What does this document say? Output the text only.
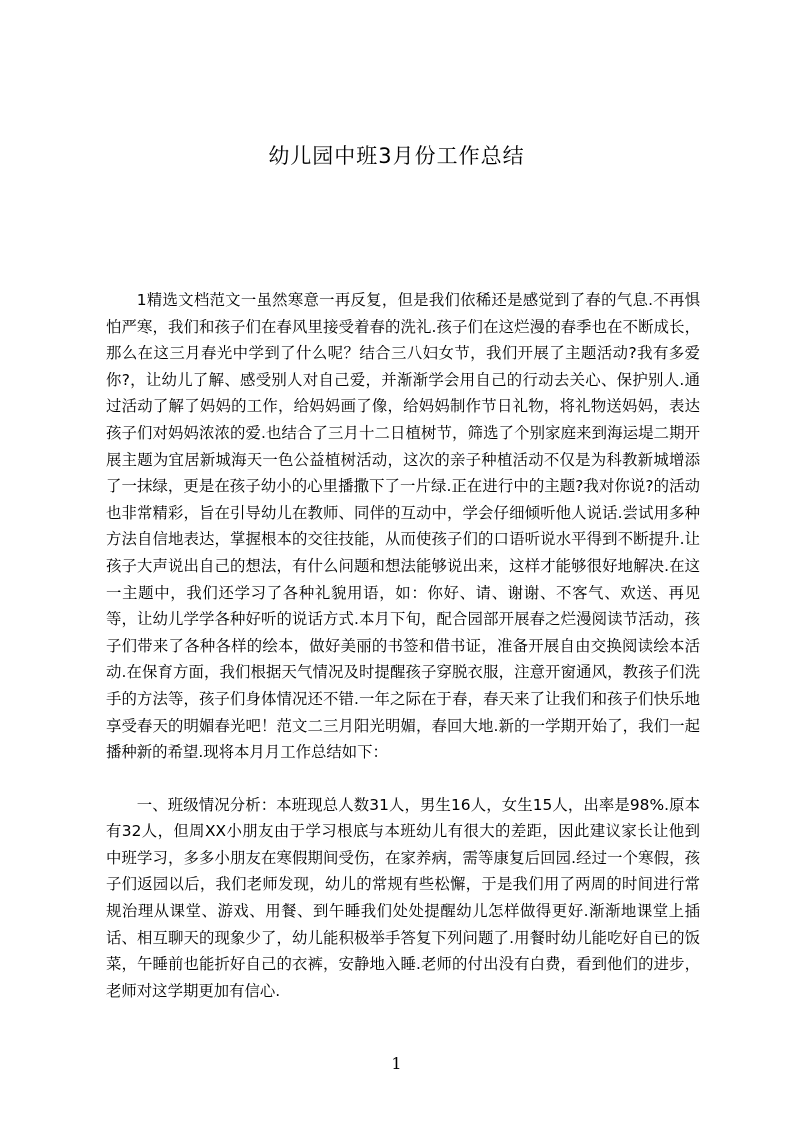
幼儿园中班3月份工作总结

1精选文档范文一虽然寒意一再反复，但是我们依稀还是感觉到了春的气息.不再惧怕严寒，我们和孩子们在春风里接受着春的洗礼.孩子们在这烂漫的春季也在不断成长，那么在这三月春光中学到了什么呢？结合三八妇女节，我们开展了主题活动?我有多爱你?，让幼儿了解、感受别人对自己爱，并渐渐学会用自己的行动去关心、保护别人.通过活动了解了妈妈的工作，给妈妈画了像，给妈妈制作节日礼物，将礼物送妈妈，表达孩子们对妈妈浓浓的爱.也结合了三月十二日植树节，筛选了个别家庭来到海运堤二期开展主题为宜居新城海天一色公益植树活动，这次的亲子种植活动不仅是为科教新城增添了一抹绿，更是在孩子幼小的心里播撒下了一片绿.正在进行中的主题?我对你说?的活动也非常精彩，旨在引导幼儿在教师、同伴的互动中，学会仔细倾听他人说话.尝试用多种方法自信地表达，掌握根本的交往技能，从而使孩子们的口语听说水平得到不断提升.让孩子大声说出自己的想法，有什么问题和想法能够说出来，这样才能够很好地解决.在这一主题中，我们还学习了各种礼貌用语，如：你好、请、谢谢、不客气、欢送、再见等，让幼儿学学各种好听的说话方式.本月下旬，配合园部开展春之烂漫阅读节活动，孩子们带来了各种各样的绘本，做好美丽的书签和借书证，准备开展自由交换阅读绘本活动.在保育方面，我们根据天气情况及时提醒孩子穿脱衣服，注意开窗通风，教孩子们洗手的方法等，孩子们身体情况还不错.一年之际在于春，春天来了让我们和孩子们快乐地享受春天的明媚春光吧！范文二三月阳光明媚，春回大地.新的一学期开始了，我们一起播种新的希望.现将本月月工作总结如下：

一、班级情况分析：本班现总人数31人，男生16人，女生15人，出率是98%.原本有32人，但周XX小朋友由于学习根底与本班幼儿有很大的差距，因此建议家长让他到中班学习，多多小朋友在寒假期间受伤，在家养病，需等康复后回园.经过一个寒假，孩子们返园以后，我们老师发现，幼儿的常规有些松懈，于是我们用了两周的时间进行常规治理从课堂、游戏、用餐、到午睡我们处处提醒幼儿怎样做得更好.渐渐地课堂上插话、相互聊天的现象少了，幼儿能积极举手答复下列问题了.用餐时幼儿能吃好自已的饭菜，午睡前也能折好自己的衣裤，安静地入睡.老师的付出没有白费，看到他们的进步，老师对这学期更加有信心.

1
